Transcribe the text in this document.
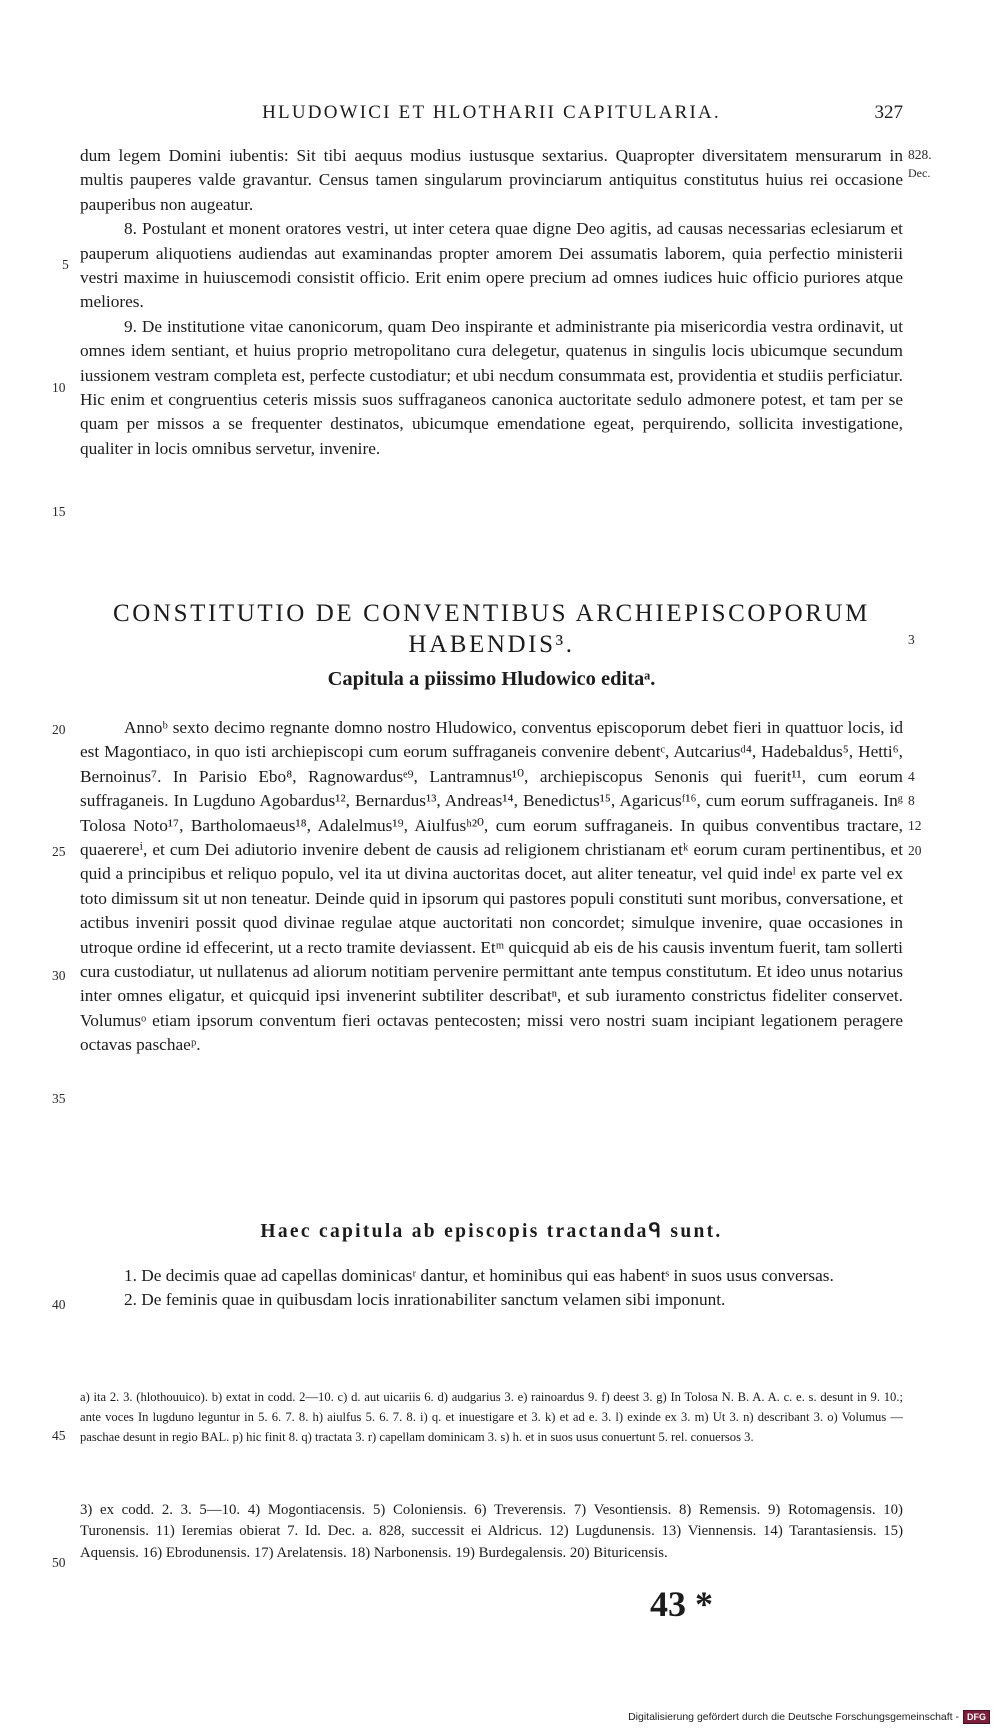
HLUDOWICI ET HLOTHARII CAPITULARIA.	327
828.
Dec.
3
4
8
12
20
5
10
15
20
25
30
35
40
45
50

dum legem Domini iubentis: Sit tibi aequus modius iustusque sextarius. Quapropter diversitatem mensurarum in multis pauperes valde gravantur. Census tamen singularum provinciarum antiquitus constitutus huius rei occasione pauperibus non augeatur.

8. Postulant et monent oratores vestri, ut inter cetera quae digne Deo agitis, ad causas necessarias eclesiarum et pauperum aliquotiens audiendas aut examinandas propter amorem Dei assumatis laborem, quia perfectio ministerii vestri maxime in huiuscemodi consistit officio. Erit enim opere precium ad omnes iudices huic officio puriores atque meliores.

9. De institutione vitae canonicorum, quam Deo inspirante et administrante pia misericordia vestra ordinavit, ut omnes idem sentiant, et huius proprio metropolitano cura delegetur, quatenus in singulis locis ubicumque secundum iussionem vestram completa est, perfecte custodiatur; et ubi necdum consummata est, providentia et studiis perficiatur. Hic enim et congruentius ceteris missis suos suffraganeos canonica auctoritate sedulo admonere potest, et tam per se quam per missos a se frequenter destinatos, ubicumque emendatione egeat, perquirendo, sollicita investigatione, qualiter in locis omnibus servetur, invenire.

CONSTITUTIO DE CONVENTIBUS ARCHIEPISCOPORUM
HABENDIS³.
Capitula a piissimo Hludowico editaᵃ.

Annoᵇ sexto decimo regnante domno nostro Hludowico, conventus episcoporum debet fieri in quattuor locis, id est Magontiaco, in quo isti archiepiscopi cum eorum suffraganeis convenire debentᶜ, Autcariusᵈ⁴, Hadebaldus⁵, Hetti⁶, Bernoinus⁷. In Parisio Ebo⁸, Ragnowardusᵉ⁹, Lantramnus¹⁰, archiepiscopus Senonis qui fuerit¹¹, cum eorum suffraganeis. In Lugduno Agobardus¹², Bernardus¹³, Andreas¹⁴, Benedictus¹⁵, Agaricusᶠ¹⁶, cum eorum suffraganeis. Inᵍ Tolosa Noto¹⁷, Bartholomaeus¹⁸, Adalelmus¹⁹, Aiulfusʰ²⁰, cum eorum suffraganeis. In quibus conventibus tractare, quaerereⁱ, et cum Dei adiutorio invenire debent de causis ad religionem christianam etᵏ eorum curam pertinentibus, et quid a principibus et reliquo populo, vel ita ut divina auctoritas docet, aut aliter teneatur, vel quid indeˡ ex parte vel ex toto dimissum sit ut non teneatur. Deinde quid in ipsorum qui pastores populi constituti sunt moribus, conversatione, et actibus inveniri possit quod divinae regulae atque auctoritati non concordet; simulque invenire, quae occasiones in utroque ordine id effecerint, ut a recto tramite deviassent. Etᵐ quicquid ab eis de his causis inventum fuerit, tam sollerti cura custodiatur, ut nullatenus ad aliorum notitiam pervenire permittant ante tempus constitutum. Et ideo unus notarius inter omnes eligatur, et quicquid ipsi invenerint subtiliter describatⁿ, et sub iuramento constrictus fideliter conservet. Volumusᵒ etiam ipsorum conventum fieri octavas pentecosten; missi vero nostri suam incipiant legationem peragere octavas paschaeᵖ.

Haec capitula ab episcopis tractandaᑫ sunt.

1. De decimis quae ad capellas dominicasʳ dantur, et hominibus qui eas habentˢ in suos usus conversas.

2. De feminis quae in quibusdam locis inrationabiliter sanctum velamen sibi imponunt.

a) ita 2. 3. (hlothouuico). b) extat in codd. 2—10. c) d. aut uicariis 6. d) audgarius 3. e) rainoardus 9. f) deest 3. g) In Tolosa N. B. A. A. c. e. s. desunt in 9. 10.; ante voces In lugduno leguntur in 5. 6. 7. 8. h) aiulfus 5. 6. 7. 8. i) q. et inuestigare et 3. k) et ad e. 3. l) exinde ex 3. m) Ut 3. n) describant 3. o) Volumus — paschae desunt in regio BAL. p) hic finit 8. q) tractata 3. r) capellam dominicam 3. s) h. et in suos usus conuertunt 5. rel. conuersos 3.

3) ex codd. 2. 3. 5—10. 4) Mogontiacensis. 5) Coloniensis. 6) Treverensis. 7) Vesontiensis. 8) Remensis. 9) Rotomagensis. 10) Turonensis. 11) Ieremias obierat 7. Id. Dec. a. 828, successit ei Aldricus. 12) Lugdunensis. 13) Viennensis. 14) Tarantasiensis. 15) Aquensis. 16) Ebrodunensis. 17) Arelatensis. 18) Narbonensis. 19) Burdegalensis. 20) Bituricensis.

43 *
Digitalisierung gefördert durch die Deutsche Forschungsgemeinschaft - DFG
